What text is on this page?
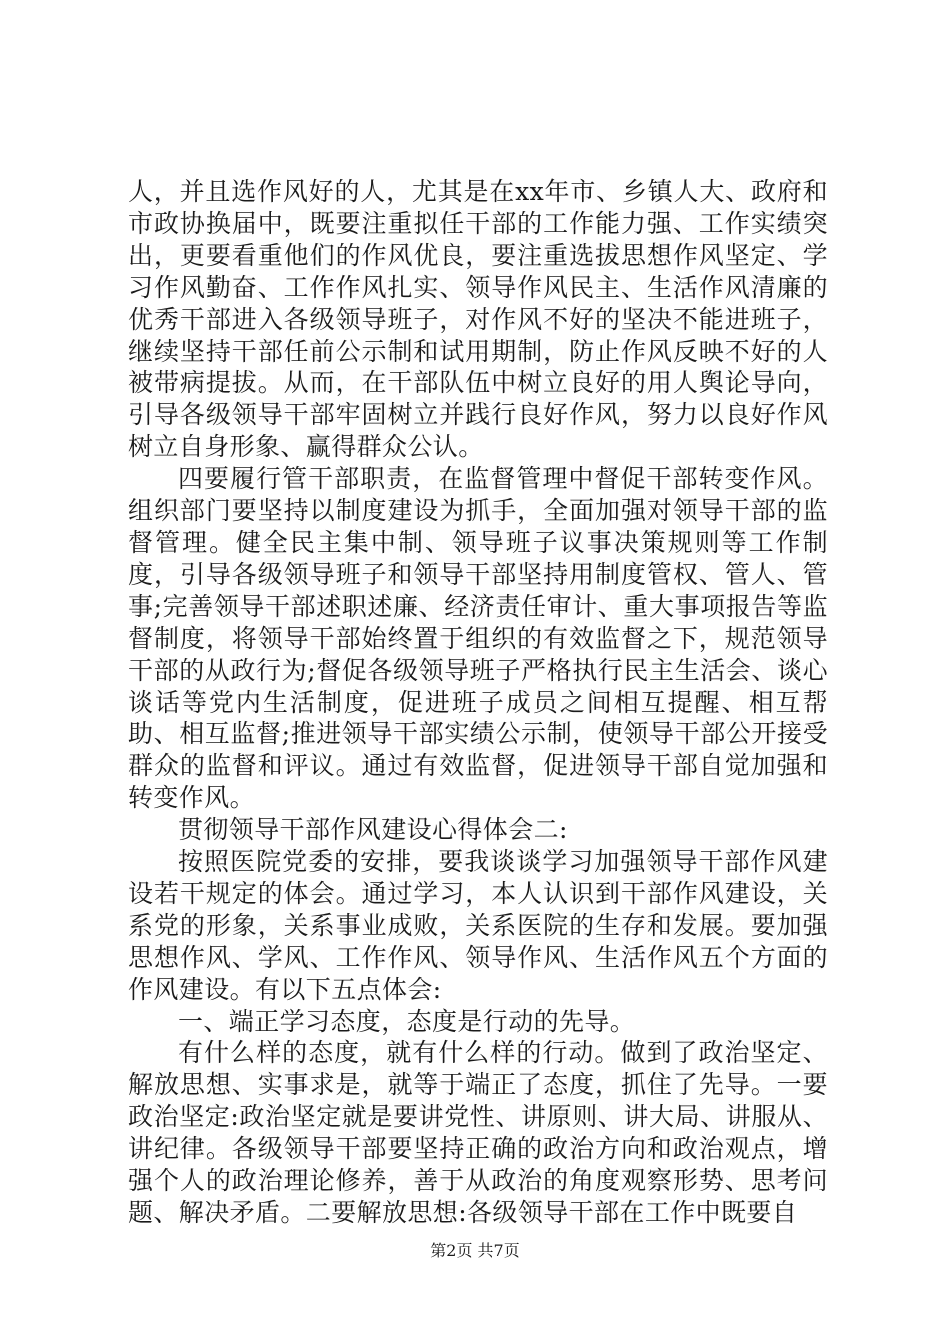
人，并且选作风好的人，尤其是在xx年市、乡镇人大、政府和市政协换届中，既要注重拟任干部的工作能力强、工作实绩突出，更要看重他们的作风优良，要注重选拔思想作风坚定、学习作风勤奋、工作作风扎实、领导作风民主、生活作风清廉的优秀干部进入各级领导班子，对作风不好的坚决不能进班子，继续坚持干部任前公示制和试用期制，防止作风反映不好的人被带病提拔。从而，在干部队伍中树立良好的用人舆论导向，引导各级领导干部牢固树立并践行良好作风，努力以良好作风树立自身形象、赢得群众公认。

四要履行管干部职责，在监督管理中督促干部转变作风。组织部门要坚持以制度建设为抓手，全面加强对领导干部的监督管理。健全民主集中制、领导班子议事决策规则等工作制度，引导各级领导班子和领导干部坚持用制度管权、管人、管事;完善领导干部述职述廉、经济责任审计、重大事项报告等监督制度，将领导干部始终置于组织的有效监督之下，规范领导干部的从政行为;督促各级领导班子严格执行民主生活会、谈心谈话等党内生活制度，促进班子成员之间相互提醒、相互帮助、相互监督;推进领导干部实绩公示制，使领导干部公开接受群众的监督和评议。通过有效监督，促进领导干部自觉加强和转变作风。

贯彻领导干部作风建设心得体会二:

按照医院党委的安排，要我谈谈学习加强领导干部作风建设若干规定的体会。通过学习，本人认识到干部作风建设，关系党的形象，关系事业成败，关系医院的生存和发展。要加强思想作风、学风、工作作风、领导作风、生活作风五个方面的作风建设。有以下五点体会:

一、端正学习态度，态度是行动的先导。

有什么样的态度，就有什么样的行动。做到了政治坚定、解放思想、实事求是，就等于端正了态度，抓住了先导。一要政治坚定:政治坚定就是要讲党性、讲原则、讲大局、讲服从、讲纪律。各级领导干部要坚持正确的政治方向和政治观点，增强个人的政治理论修养，善于从政治的角度观察形势、思考问题、解决矛盾。二要解放思想:各级领导干部在工作中既要自

第2页 共7页
